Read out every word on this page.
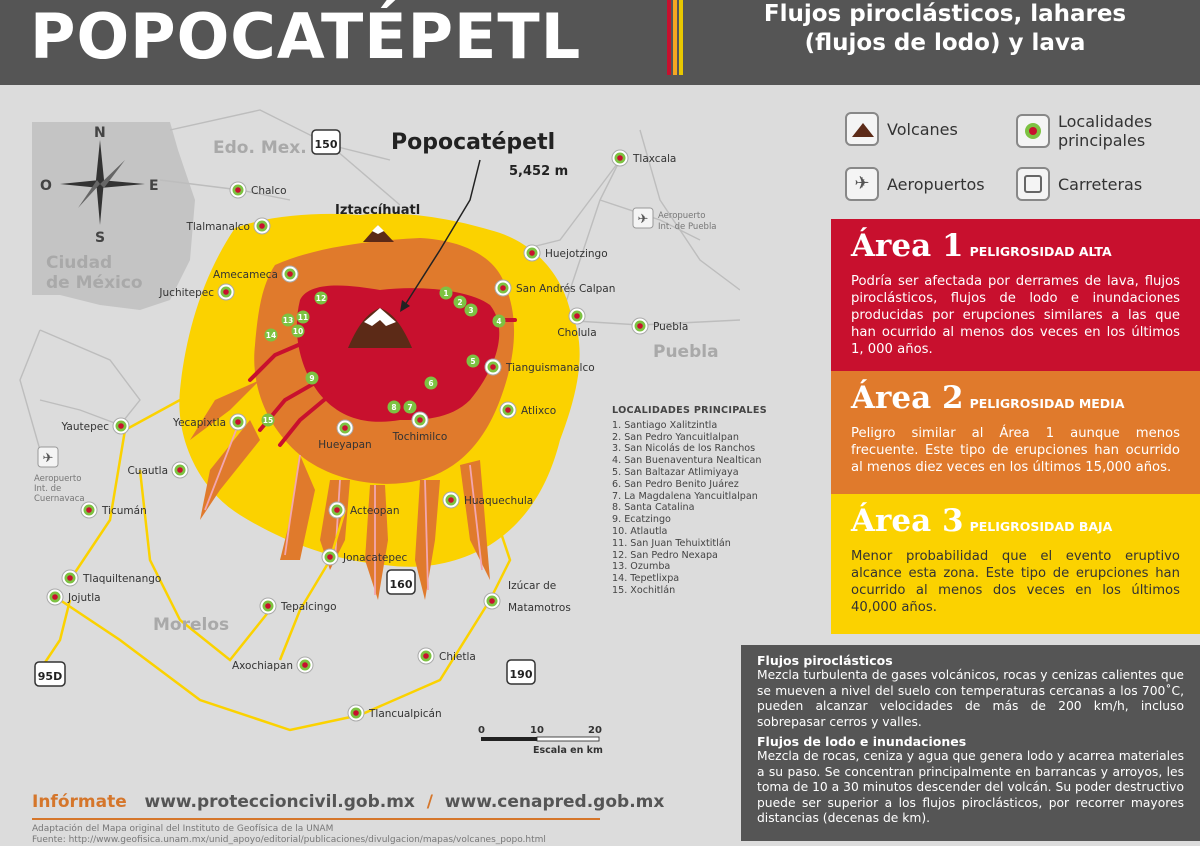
POPOCATÉPETL	Flujos piroclásticos, lahares
(flujos de lodo) y lava
N
S
E
O
Edo. Mex.
Ciudad
de México
Puebla
Morelos
150
160
190
95D
✈ Aeropuerto
Int. de Puebla
✈
Aeropuerto
Int. de
Cuernavaca
Iztaccíhuatl
Popocatépetl
5,452 m
Tlaxcala
Chalco
Tlalmanalco
Huejotzingo
Amecameca
San Andrés Calpan
Juchitepec
Cholula	Puebla
Tianguismanalco
Yautepec	Yecapixtla
Atlixco
Hueyapan
Tochimilco
Cuautla
Huaquechula
Ticumán	Acteopan
Jonacatepec
Tlaquiltenango
Jojutla
Izúcar de
Matamotros
Tepalcingo
Chietla
Axochiapan
Tlancualpicán
1
2
3
4
5
6
7
8
9
10
11
12
13
14
15
0	10	20
Escala en km
Volcanes
✈	Aeropuertos
Localidades
principales
Carreteras
Área 1 PELIGROSIDAD ALTA
Podría ser afectada por derrames de lava, flujos piroclásticos, flujos de lodo e inundaciones producidas por erupciones similares a las que han ocurrido al menos dos veces en los últimos 1, 000 años.
Área 2 PELIGROSIDAD MEDIA
Peligro similar al Área 1 aunque menos frecuente. Este tipo de erupciones han ocurrido al menos diez veces en los últimos 15,000 años.
Área 3 PELIGROSIDAD BAJA
Menor probabilidad que el evento eruptivo alcance esta zona. Este tipo de erupciones han ocurrido al menos dos veces en los últimos 40,000 años.
LOCALIDADES PRINCIPALES
1. Santiago Xalitzintla
2. San Pedro Yancuitlalpan
3. San Nicolás de los Ranchos
4. San Buenaventura Nealtican
5. San Baltazar Atlimiyaya
6. San Pedro Benito Juárez
7. La Magdalena Yancuitlalpan
8. Santa Catalina
9. Ecatzingo
10. Atlautla
11. San Juan Tehuixtitlán
12. San Pedro Nexapa
13. Ozumba
14. Tepetlixpa
15. Xochitlán
Flujos piroclásticos
Mezcla turbulenta de gases volcánicos, rocas y cenizas calientes que se mueven a nivel del suelo con temperaturas cercanas a los 700˚C, pueden alcanzar velocidades de más de 200 km/h, incluso sobrepasar cerros y valles.
Flujos de lodo e inundaciones
Mezcla de rocas, ceniza y agua que genera lodo y acarrea materiales a su paso. Se concentran principalmente en barrancas y arroyos, les toma de 10 a 30 minutos descender del volcán. Su poder destructivo puede ser superior a los flujos piroclásticos, por recorrer mayores distancias (decenas de km).
Infórmate www.proteccioncivil.gob.mx / www.cenapred.gob.mx
Adaptación del Mapa original del Instituto de Geofísica de la UNAM
Fuente: http://www.geofisica.unam.mx/unid_apoyo/editorial/publicaciones/divulgacion/mapas/volcanes_popo.html
